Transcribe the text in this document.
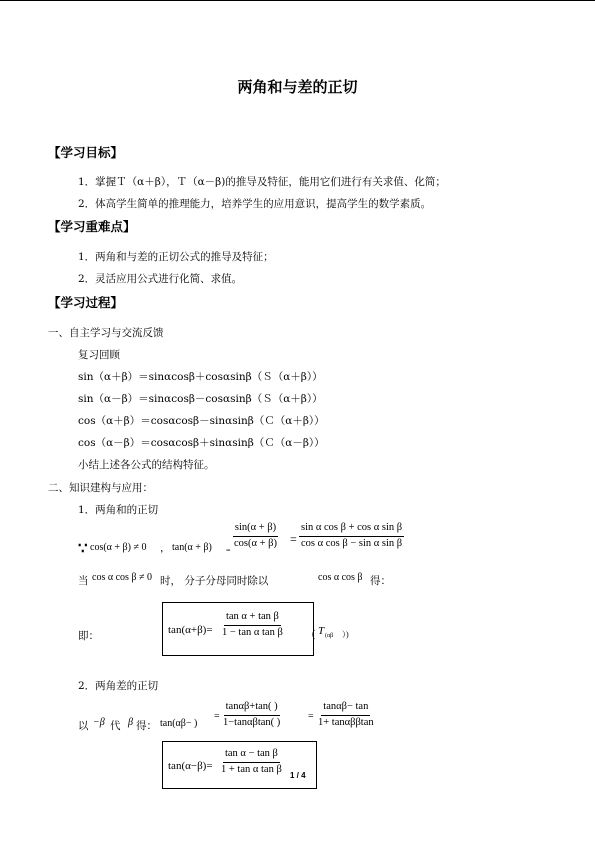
两角和与差的正切
【学习目标】
1．掌握Ｔ（α＋β），Ｔ（α－β)的推导及特征，能用它们进行有关求值、化简；
2．体高学生简单的推理能力，培养学生的应用意识，提高学生的数学素质。
【学习重难点】
1．两角和与差的正切公式的推导及特征；
2．灵活应用公式进行化简、求值。
【学习过程】
一、自主学习与交流反馈
复习回顾
sin（α＋β）＝sinαcosβ＋cosαsinβ（Ｓ（α＋β））
sin（α－β）＝sinαcosβ－cosαsinβ（Ｓ（α＋β））
cos（α＋β）＝cosαcosβ－sinαsinβ（Ｃ（α＋β））
cos（α－β）＝cosαcosβ＋sinαsinβ（Ｃ（α－β））
小结上述各公式的结构特征。
二、知识建构与应用：
1．两角和的正切
∵ cos(α + β) ≠ 0 ， tan(α + β) =
$\frac{\sin(\alpha + \beta)}{\cos(\alpha + \beta)} = \frac{\text{sin α cos β + cos α sin β}}{\text{cos α cos β − sin α sin β}}$
当 cos α cos β ≠ 0 时， 分子分母同时除以	cos α cos β 得：
即：	$\tan(\alpha+\beta)= \frac{\text{tan α + tan β}}{\text{1 − tan α tan β}}$	( T (αβ ）)
2．两角差的正切
以 −β 代 β 得： tan(αβ− )
= $\frac{\tan\alpha\beta+\tan( )}{1-\tan\alpha\beta\tan( )}$	=
tanαβ− tan
1+ tanαββtan
$\tan(\alpha-\beta)= \frac{\text{tan α − tan β}}{\text{1 + tan α tan β}}$
1 / 4
